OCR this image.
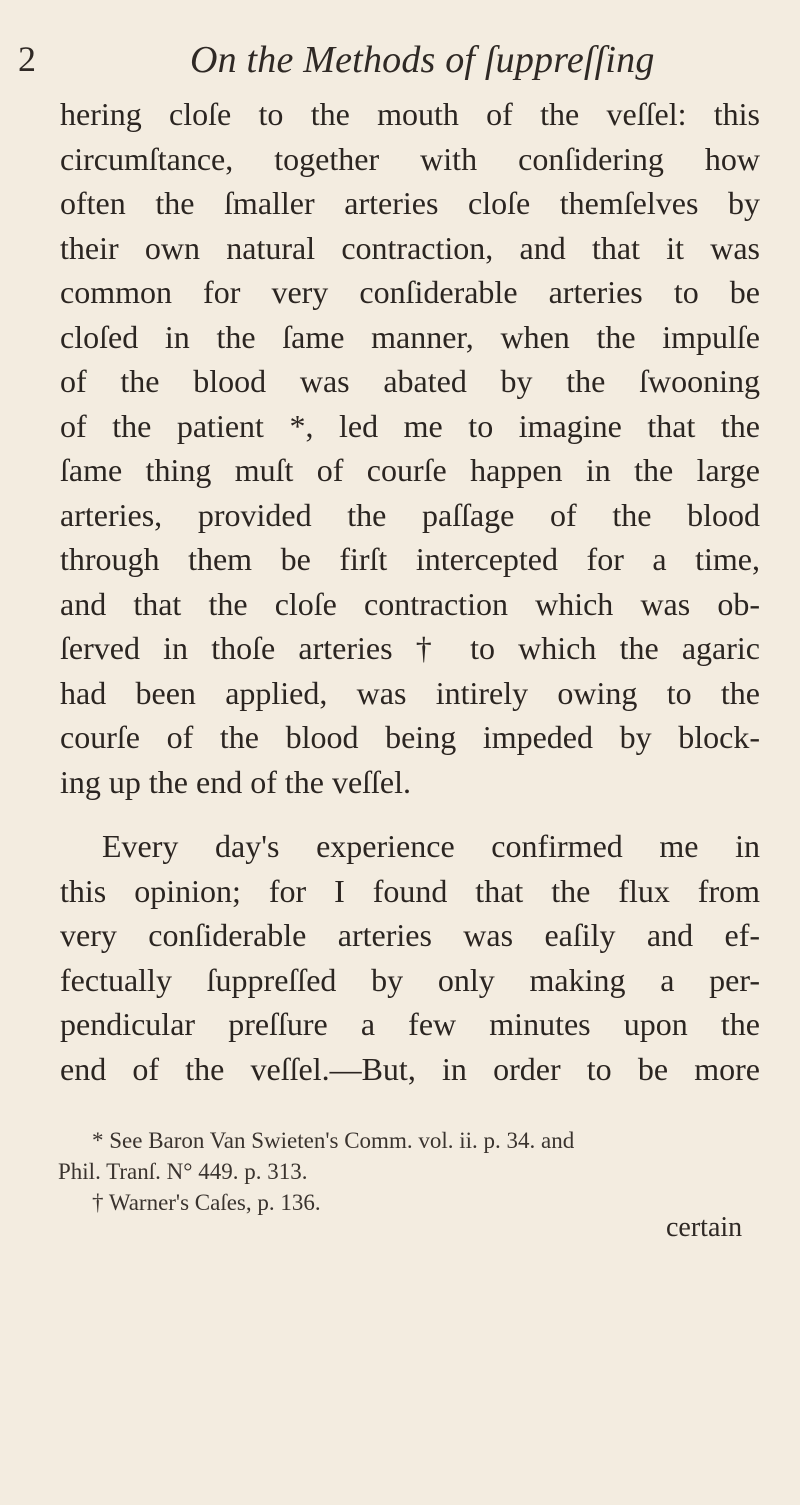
2	On the Methods of ſuppreſſing
hering cloſe to the mouth of the veſſel: this
circumſtance, together with conſidering how
often the ſmaller arteries cloſe themſelves by
their own natural contraction, and that it was
common for very conſiderable arteries to be
cloſed in the ſame manner, when the impulſe
of the blood was abated by the ſwooning
of the patient *, led me to imagine that the
ſame thing muſt of courſe happen in the large
arteries, provided the paſſage of the blood
through them be firſt intercepted for a time,
and that the cloſe contraction which was ob-
ſerved in thoſe arteries † to which the agaric
had been applied, was intirely owing to the
courſe of the blood being impeded by block-
ing up the end of the veſſel.
Every day's experience confirmed me in
this opinion; for I found that the flux from
very conſiderable arteries was eaſily and ef-
fectually ſuppreſſed by only making a per-
pendicular preſſure a few minutes upon the
end of the veſſel.—But, in order to be more
* See Baron Van Swieten's Comm. vol. ii. p. 34. and
Phil. Tranſ. N° 449. p. 313.
† Warner's Caſes, p. 136.
certain
